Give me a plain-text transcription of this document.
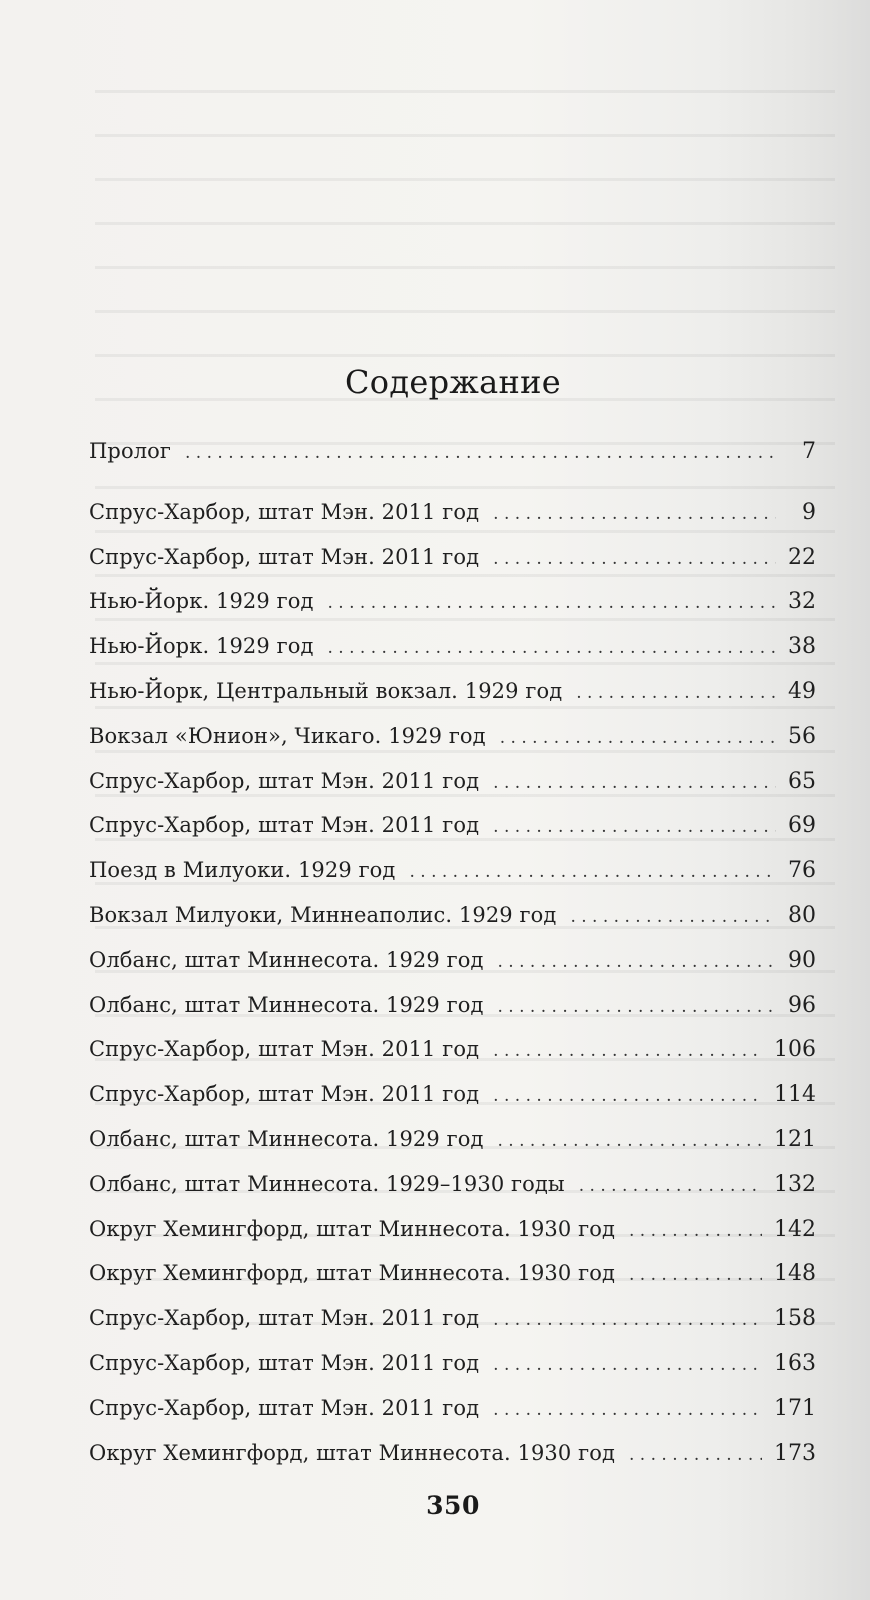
Содержание
Пролог . . .	7
Спрус-Харбор, штат Мэн. 2011 год . . .	9
Спрус-Харбор, штат Мэн. 2011 год . . .	22
Нью-Йорк. 1929 год . . .	32
Нью-Йорк. 1929 год . . .	38
Нью-Йорк, Центральный вокзал. 1929 год . . .	49
Вокзал «Юнион», Чикаго. 1929 год . . .	56
Спрус-Харбор, штат Мэн. 2011 год . . .	65
Спрус-Харбор, штат Мэн. 2011 год . . .	69
Поезд в Милуоки. 1929 год . . .	76
Вокзал Милуоки, Миннеаполис. 1929 год . . .	80
Олбанс, штат Миннесота. 1929 год . . .	90
Олбанс, штат Миннесота. 1929 год . . .	96
Спрус-Харбор, штат Мэн. 2011 год . . .	106
Спрус-Харбор, штат Мэн. 2011 год . . .	114
Олбанс, штат Миннесота. 1929 год . . .	121
Олбанс, штат Миннесота. 1929–1930 годы . . .	132
Округ Хемингфорд, штат Миннесота. 1930 год . . .	142
Округ Хемингфорд, штат Миннесота. 1930 год . . .	148
Спрус-Харбор, штат Мэн. 2011 год . . .	158
Спрус-Харбор, штат Мэн. 2011 год . . .	163
Спрус-Харбор, штат Мэн. 2011 год . . .	171
Округ Хемингфорд, штат Миннесота. 1930 год . . .	173
350
